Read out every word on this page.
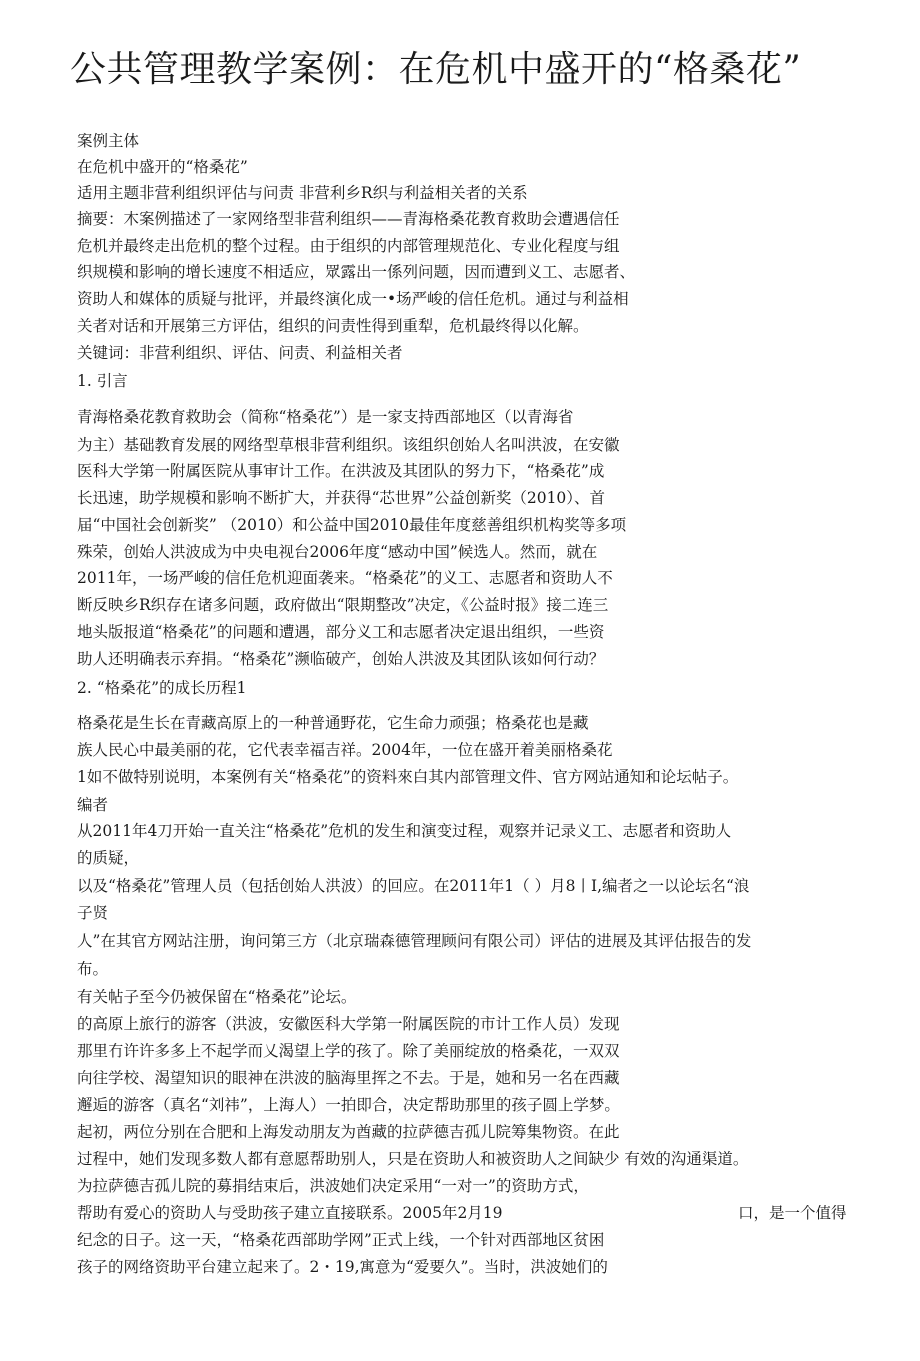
公共管理教学案例：在危机中盛开的“格桑花”
案例主体
在危机中盛开的“格桑花”
适用主题非营利组织评估与问责 非营利乡R织与利益相关者的关系
摘要：木案例描述了一家网络型非营利组织——青海格桑花教育救助会遭遇信任
危机并最终走出危机的整个过程。由于组织的内部管理规范化、专业化程度与组
织规模和影响的增长速度不相适应，眾露出一係列问题，因而遭到义工、志愿者、
资助人和媒体的质疑与批评，并最终演化成一•场严峻的信任危机。通过与利益相
关者对话和开展第三方评估，组织的问责性得到重犁，危机最终得以化解。
关键词：非营利组织、评估、问责、利益相关者
1. 引言
青海格桑花教育救助会（简称“格桑花”）是一家支持西部地区（以青海省
为主）基础教育发展的网络型草根非营利组织。该组织创始人名叫洪波，在安徽
医科大学第一附属医院从事审计工作。在洪波及其团队的努力下，“格桑花”成
长迅速，助学规模和影响不断扩大，并获得“芯世界”公益创新奖（2010）、首
届“中国社会创新奖” （2010）和公益中国2010最佳年度慈善组织机构奖等多项
殊荣，创始人洪波成为中央电视台2006年度“感动中国”候选人。然而，就在
2011年，一场严峻的信任危机迎面袭来。“格桑花”的义工、志愿者和资助人不
断反映乡R织存在诸多问题，政府做出“限期整改”决定，《公益时报》接二连三
地头版报道“格桑花”的问题和遭遇，部分义工和志愿者决定退出组织，一些资
助人还明确表示弃捐。“格桑花”濒临破产，创始人洪波及其团队该如何行动？
2. “格桑花”的成长历程1
格桑花是生长在青藏高原上的一种普通野花，它生命力顽强；格桑花也是藏
族人民心中最美丽的花，它代表幸福吉祥。2004年，一位在盛开着美丽格桑花
1如不做特别说明，本案例有关“格桑花”的资料來白其内部管理文件、官方网站通知和论坛帖子。
编者
从2011年4刀开始一直关注“格桑花”危机的发生和演变过程，观察并记录义工、志愿者和资助人
的质疑，
以及“格桑花”管理人员（包括创始人洪波）的回应。在2011年1（ ）月8丨I,编者之一以论坛名“浪
子贤
人”在其官方网站注册，询问第三方（北京瑞森德管理顾问有限公司）评估的进展及其评估报告的发
布。
有关帖子至今仍被保留在“格桑花”论坛。
的高原上旅行的游客（洪波，安徽医科大学第一附属医院的市计工作人员）发现
那里冇许许多多上不起学而乂渴望上学的孩了。除了美丽绽放的格桑花，一双双
向往学校、渴望知识的眼神在洪波的脑海里挥之不去。于是，她和另一名在西藏
邂逅的游客（真名“刘祎”，上海人）一拍即合，决定帮助那里的孩子圆上学梦。
起初，两位分别在合肥和上海发动朋友为酋藏的拉萨德吉孤儿院筹集物资。在此
过程中，她们发现多数人都有意愿帮助别人，只是在资助人和被资助人之间缺少 有效的沟通渠道。
为拉萨德吉孤儿院的募捐结束后，洪波她们决定采用“一对一”的资助方式，
帮助有爱心的资助人与受助孩子建立直接联系。2005年2月19	口，是一个值得
纪念的日子。这一天，“格桑花西部助学网”正式上线，一个针对西部地区贫困
孩子的网络资助平台建立起来了。2・19,寓意为“爱要久”。当时，洪波她们的
